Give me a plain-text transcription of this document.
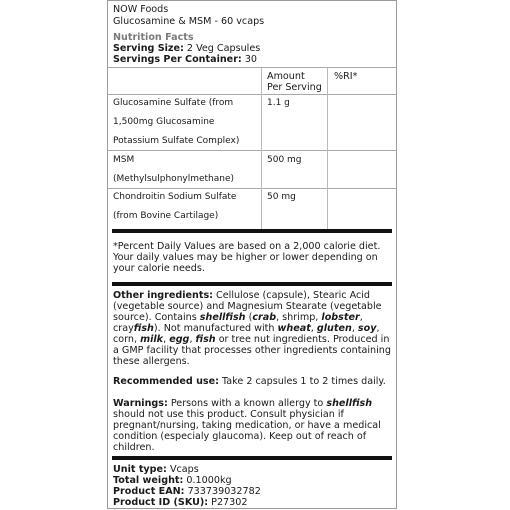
NOW Foods
Glucosamine & MSM - 60 vcaps
Nutrition Facts
Serving Size: 2 Veg Capsules
Servings Per Container: 30
Amount
Per Serving
%RI*
Glucosamine Sulfate (from
1,500mg Glucosamine
Potassium Sulfate Complex)
1.1 g
MSM
(Methylsulphonylmethane)
500 mg
Chondroitin Sodium Sulfate
(from Bovine Cartilage)
50 mg
*Percent Daily Values are based on a 2,000 calorie diet.
Your daily values may be higher or lower depending on
your calorie needs.
Other ingredients: Cellulose (capsule), Stearic Acid (vegetable source) and Magnesium Stearate (vegetable source). Contains shellfish (crab, shrimp, lobster, crayfish). Not manufactured with wheat, gluten, soy, corn, milk, egg, fish or tree nut ingredients. Produced in a GMP facility that processes other ingredients containing these allergens.
Recommended use: Take 2 capsules 1 to 2 times daily.
Warnings: Persons with a known allergy to shellfish should not use this product. Consult physician if pregnant/nursing, taking medication, or have a medical condition (especialy glaucoma). Keep out of reach of children.
Unit type: Vcaps
Total weight: 0.1000kg
Product EAN: 733739032782
Product ID (SKU): P27302
